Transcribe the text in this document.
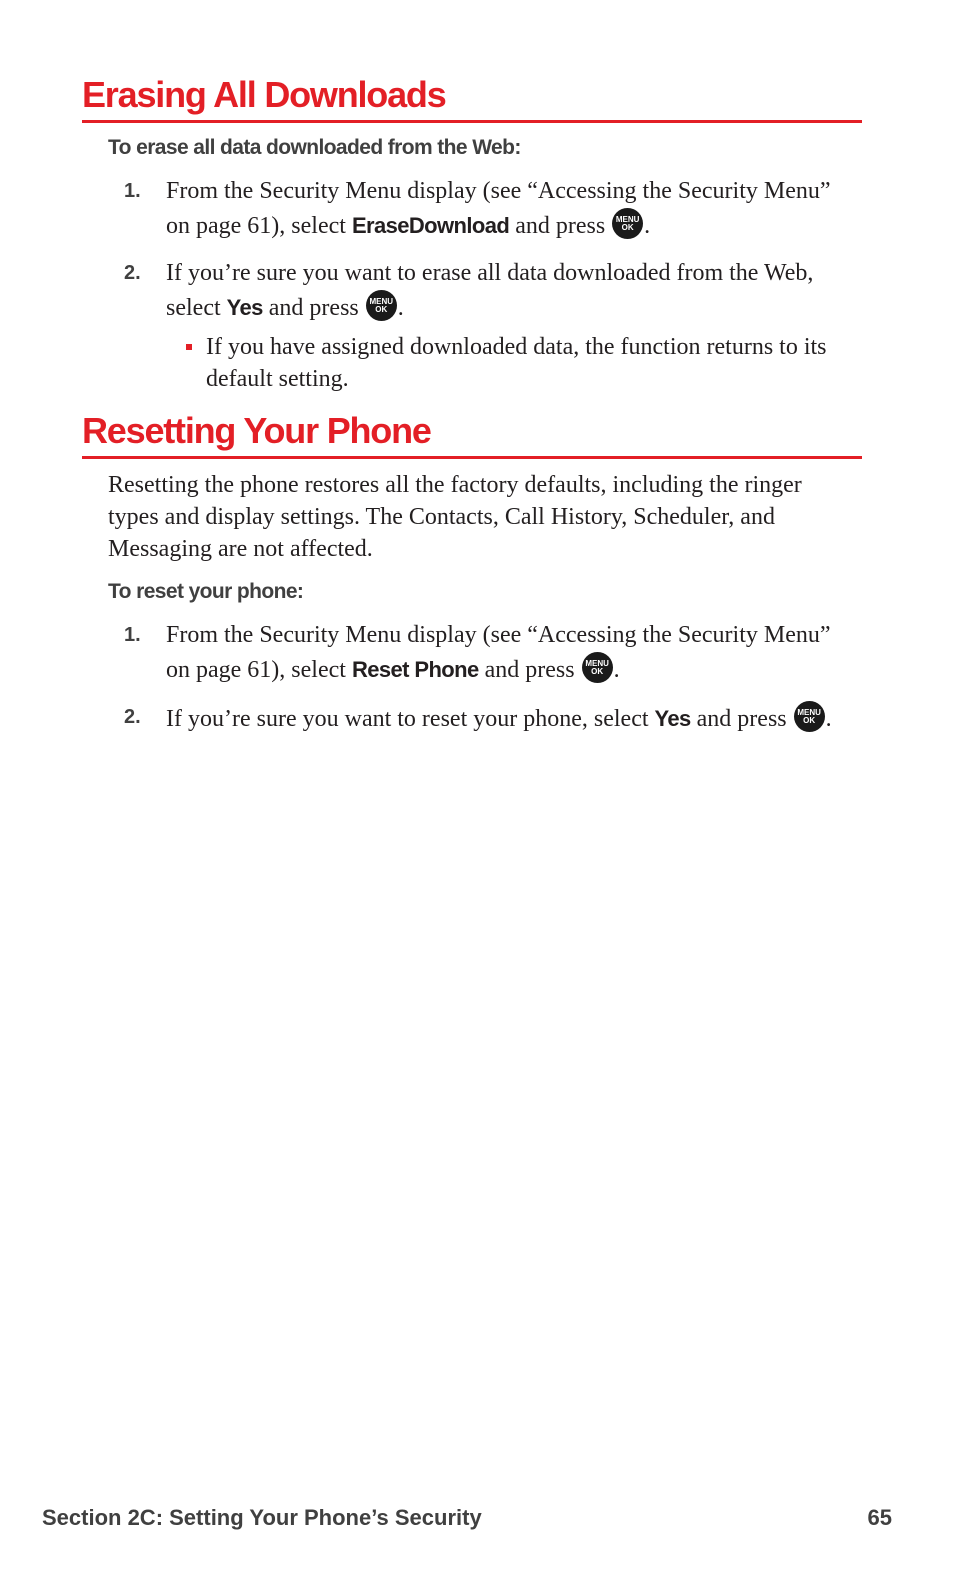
Erasing All Downloads
To erase all data downloaded from the Web:
1. From the Security Menu display (see “Accessing the Security Menu” on page 61), select EraseDownload and press MENU
OK .
2. If you’re sure you want to erase all data downloaded from the Web, select Yes and press MENU
OK .
If you have assigned downloaded data, the function returns to its default setting.
Resetting Your Phone
Resetting the phone restores all the factory defaults, including the ringer types and display settings. The Contacts, Call History, Scheduler, and Messaging are not affected.
To reset your phone:
1. From the Security Menu display (see “Accessing the Security Menu” on page 61), select Reset Phone and press MENU
OK .
2. If you’re sure you want to reset your phone, select Yes and press MENU
OK .
Section 2C: Setting Your Phone’s Security	65
